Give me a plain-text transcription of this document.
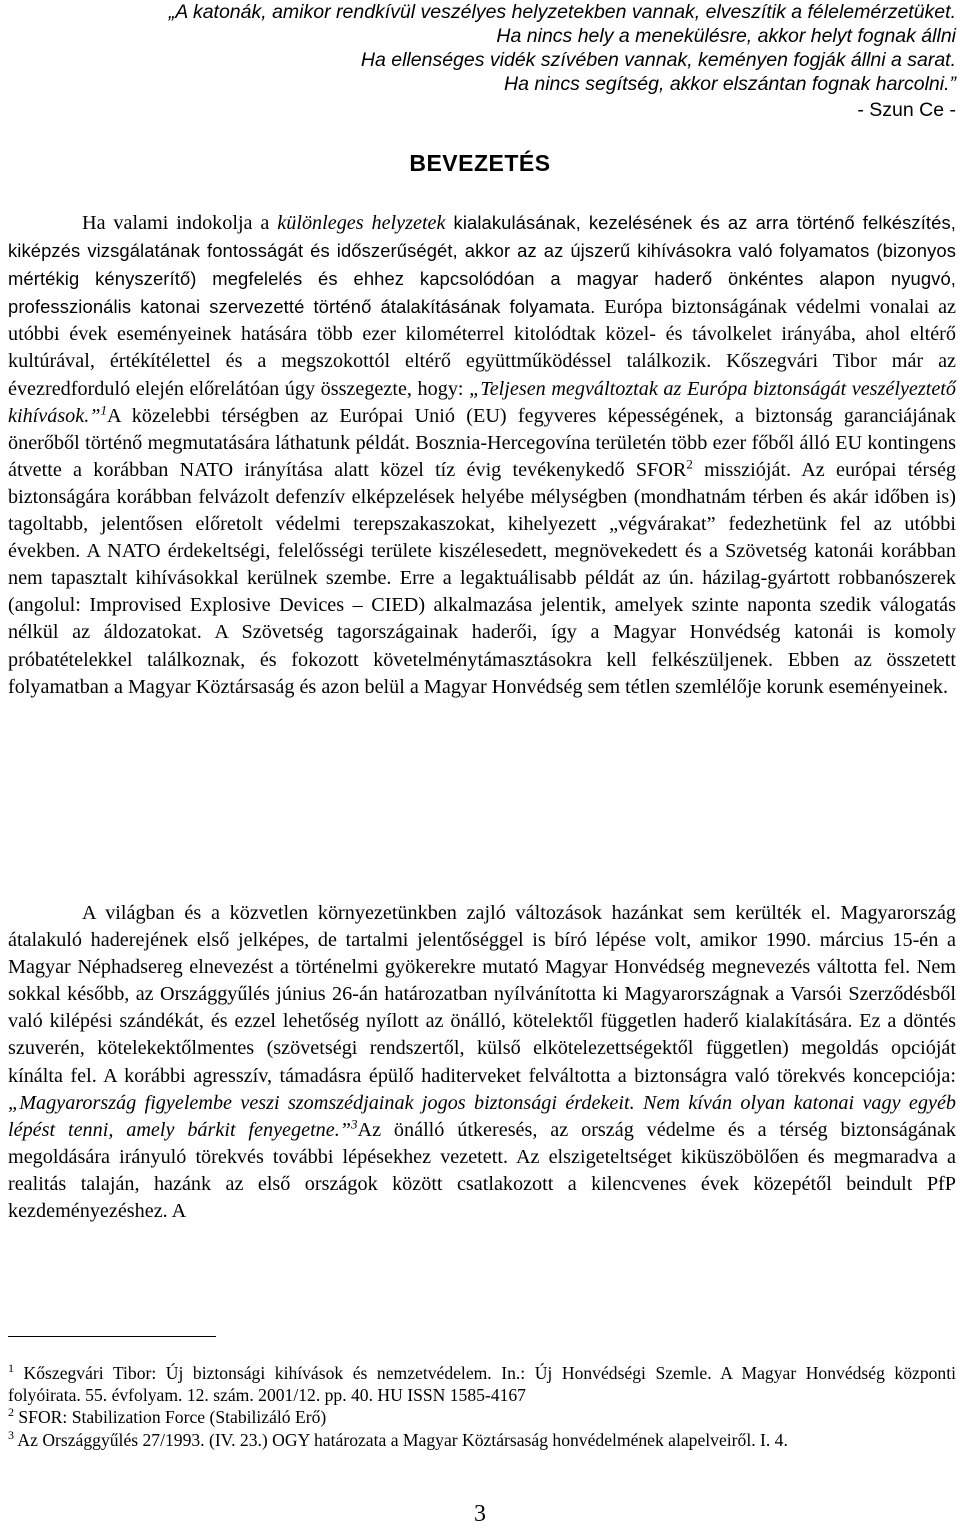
„A katonák, amikor rendkívül veszélyes helyzetekben vannak, elveszítik a félelemérzetüket.
Ha nincs hely a menekülésre, akkor helyt fognak állni
Ha ellenséges vidék szívében vannak, keményen fogják állni a sarat.
Ha nincs segítség, akkor elszántan fognak harcolni.”
- Szun Ce -
BEVEZETÉS
Ha valami indokolja a különleges helyzetek kialakulásának, kezelésének és az arra történő felkészítés, kiképzés vizsgálatának fontosságát és időszerűségét, akkor az az újszerű kihívásokra való folyamatos (bizonyos mértékig kényszerítő) megfelelés és ehhez kapcsolódóan a magyar haderő önkéntes alapon nyugvó, professzionális katonai szervezetté történő átalakításának folyamata. Európa biztonságának védelmi vonalai az utóbbi évek eseményeinek hatására több ezer kilométerrel kitolódtak közel- és távolkelet irányába, ahol eltérő kultúrával, értékítélettel és a megszokottól eltérő együttműködéssel találkozik. Kőszegvári Tibor már az évezredforduló elején előrelátóan úgy összegezte, hogy: „Teljesen megváltoztak az Európa biztonságát veszélyeztető kihívások.”$^1$A közelebbi térségben az Európai Unió (EU) fegyveres képességének, a biztonság garanciájának önerőből történő megmutatására láthatunk példát. Bosznia-Hercegovína területén több ezer főből álló EU kontingens átvette a korábban NATO irányítása alatt közel tíz évig tevékenykedő SFOR$^2$ misszióját. Az európai térség biztonságára korábban felvázolt defenzív elképzelések helyébe mélységben (mondhatnám térben és akár időben is) tagoltabb, jelentősen előretolt védelmi terepszakaszokat, kihelyezett „végvárakat” fedezhetünk fel az utóbbi években. A NATO érdekeltségi, felelősségi területe kiszélesedett, megnövekedett és a Szövetség katonái korábban nem tapasztalt kihívásokkal kerülnek szembe. Erre a legaktuálisabb példát az ún. házilag-gyártott robbanószerek (angolul: Improvised Explosive Devices – CIED) alkalmazása jelentik, amelyek szinte naponta szedik válogatás nélkül az áldozatokat. A Szövetség tagországainak haderői, így a Magyar Honvédség katonái is komoly próbatételekkel találkoznak, és fokozott követelménytámasztásokra kell felkészüljenek. Ebben az összetett folyamatban a Magyar Köztársaság és azon belül a Magyar Honvédség sem tétlen szemlélője korunk eseményeinek.
A világban és a közvetlen környezetünkben zajló változások hazánkat sem kerülték el. Magyarország átalakuló haderejének első jelképes, de tartalmi jelentőséggel is bíró lépése volt, amikor 1990. március 15-én a Magyar Néphadsereg elnevezést a történelmi gyökerekre mutató Magyar Honvédség megnevezés váltotta fel. Nem sokkal később, az Országgyűlés június 26-án határozatban nyílvánította ki Magyarországnak a Varsói Szerződésből való kilépési szándékát, és ezzel lehetőség nyílott az önálló, kötelektől független haderő kialakítására. Ez a döntés szuverén, kötelekektőlmentes (szövetségi rendszertől, külső elkötelezettségektől független) megoldás opcióját kínálta fel. A korábbi agresszív, támadásra épülő haditerveket felváltotta a biztonságra való törekvés koncepciója: „Magyarország figyelembe veszi szomszédjainak jogos biztonsági érdekeit. Nem kíván olyan katonai vagy egyéb lépést tenni, amely bárkit fenyegetne.”$^3$Az önálló útkeresés, az ország védelme és a térség biztonságának megoldására irányuló törekvés további lépésekhez vezetett. Az elszigeteltséget kiküszöbölően és megmaradva a realitás talaján, hazánk az első országok között csatlakozott a kilencvenes évek közepétől beindult PfP kezdeményezéshez. A

$^1$ Kőszegvári Tibor: Új biztonsági kihívások és nemzetvédelem. In.: Új Honvédségi Szemle. A Magyar Honvédség központi folyóirata. 55. évfolyam. 12. szám. 2001/12. pp. 40. HU ISSN 1585-4167

$^2$ SFOR: Stabilization Force (Stabilizáló Erő)

$^3$ Az Országgyűlés 27/1993. (IV. 23.) OGY határozata a Magyar Köztársaság honvédelmének alapelveiről. I. 4.

3
